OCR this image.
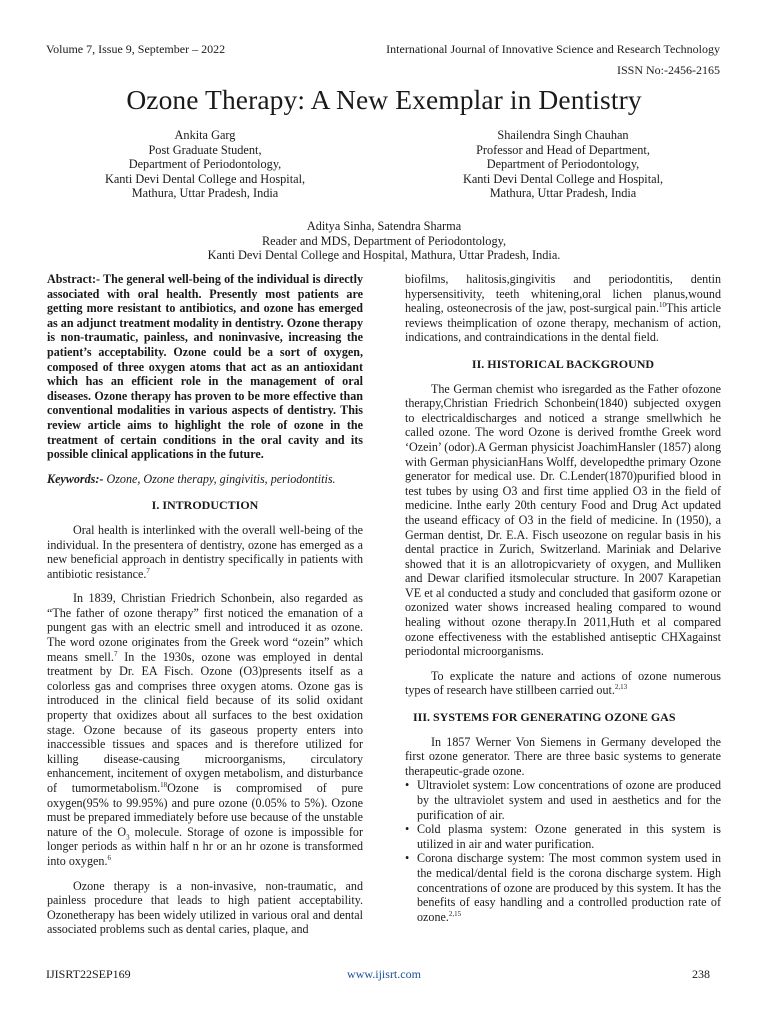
Volume 7, Issue 9, September – 2022	International Journal of Innovative Science and Research Technology
ISSN No:-2456-2165
Ozone Therapy: A New Exemplar in Dentistry
Ankita Garg
Post Graduate Student,
Department of Periodontology,
Kanti Devi Dental College and Hospital,
Mathura, Uttar Pradesh, India
Shailendra Singh Chauhan
Professor and Head of Department,
Department of Periodontology,
Kanti Devi Dental College and Hospital,
Mathura, Uttar Pradesh, India
Aditya Sinha, Satendra Sharma
Reader and MDS, Department of Periodontology,
Kanti Devi Dental College and Hospital, Mathura, Uttar Pradesh, India.

Abstract:- The general well-being of the individual is directly associated with oral health. Presently most patients are getting more resistant to antibiotics, and ozone has emerged as an adjunct treatment modality in dentistry. Ozone therapy is non-traumatic, painless, and noninvasive, increasing the patient’s acceptability. Ozone could be a sort of oxygen, composed of three oxygen atoms that act as an antioxidant which has an efficient role in the management of oral diseases. Ozone therapy has proven to be more effective than conventional modalities in various aspects of dentistry. This review article aims to highlight the role of ozone in the treatment of certain conditions in the oral cavity and its possible clinical applications in the future.

Keywords:- Ozone, Ozone therapy, gingivitis, periodontitis.

I. INTRODUCTION

Oral health is interlinked with the overall well-being of the individual. In the presentera of dentistry, ozone has emerged as a new beneficial approach in dentistry specifically in patients with antibiotic resistance.$^7$

In 1839, Christian Friedrich Schonbein, also regarded as “The father of ozone therapy” first noticed the emanation of a pungent gas with an electric smell and introduced it as ozone. The word ozone originates from the Greek word “ozein” which means smell.$^7$ In the 1930s, ozone was employed in dental treatment by Dr. EA Fisch. Ozone (O3)presents itself as a colorless gas and comprises three oxygen atoms. Ozone gas is introduced in the clinical field because of its solid oxidant property that oxidizes about all surfaces to the best oxidation stage. Ozone because of its gaseous property enters into inaccessible tissues and spaces and is therefore utilized for killing disease-causing microorganisms, circulatory enhancement, incitement of oxygen metabolism, and disturbance of tumormetabolism.$^{18}$Ozone is compromised of pure oxygen(95% to 99.95%) and pure ozone (0.05% to 5%). Ozone must be prepared immediately before use because of the unstable nature of the $O_3$ molecule. Storage of ozone is impossible for longer periods as within half n hr or an hr ozone is transformed into oxygen.$^6$

Ozone therapy is a non-invasive, non-traumatic, and painless procedure that leads to high patient acceptability. Ozonetherapy has been widely utilized in various oral and dental associated problems such as dental caries, plaque, and

biofilms, halitosis,gingivitis and periodontitis, dentin hypersensitivity, teeth whitening,oral lichen planus,wound healing, osteonecrosis of the jaw, post-surgical pain.$^{10}$This article reviews theimplication of ozone therapy, mechanism of action, indications, and contraindications in the dental field.

II. HISTORICAL BACKGROUND

The German chemist who isregarded as the Father ofozone therapy,Christian Friedrich Schonbein(1840) subjected oxygen to electricaldischarges and noticed a strange smellwhich he called ozone. The word Ozone is derived fromthe Greek word ‘Ozein’ (odor).A German physicist JoachimHansler (1857) along with German physicianHans Wolff, developedthe primary Ozone generator for medical use. Dr. C.Lender(1870)purified blood in test tubes by using O3 and first time applied O3 in the field of medicine. Inthe early 20th century Food and Drug Act updated the useand efficacy of O3 in the field of medicine. In (1950), a German dentist, Dr. E.A. Fisch useozone on regular basis in his dental practice in Zurich, Switzerland. Mariniak and Delarive showed that it is an allotropicvariety of oxygen, and Mulliken and Dewar clarified itsmolecular structure. In 2007 Karapetian VE et al conducted a study and concluded that gasiform ozone or ozonized water shows increased healing compared to wound healing without ozone therapy.In 2011,Huth et al compared ozone effectiveness with the established antiseptic CHXagainst periodontal microorganisms.

To explicate the nature and actions of ozone numerous types of research have stillbeen carried out.$^{2,13}$

III. SYSTEMS FOR GENERATING OZONE GAS

In 1857 Werner Von Siemens in Germany developed the first ozone generator. There are three basic systems to generate therapeutic-grade ozone.

• Ultraviolet system: Low concentrations of ozone are produced by the ultraviolet system and used in aesthetics and for the purification of air.
• Cold plasma system: Ozone generated in this system is utilized in air and water purification.
• Corona discharge system: The most common system used in the medical/dental field is the corona discharge system. High concentrations of ozone are produced by this system. It has the benefits of easy handling and a controlled production rate of ozone.$^{2,15}$
IJISRT22SEP169	www.ijisrt.com	238
